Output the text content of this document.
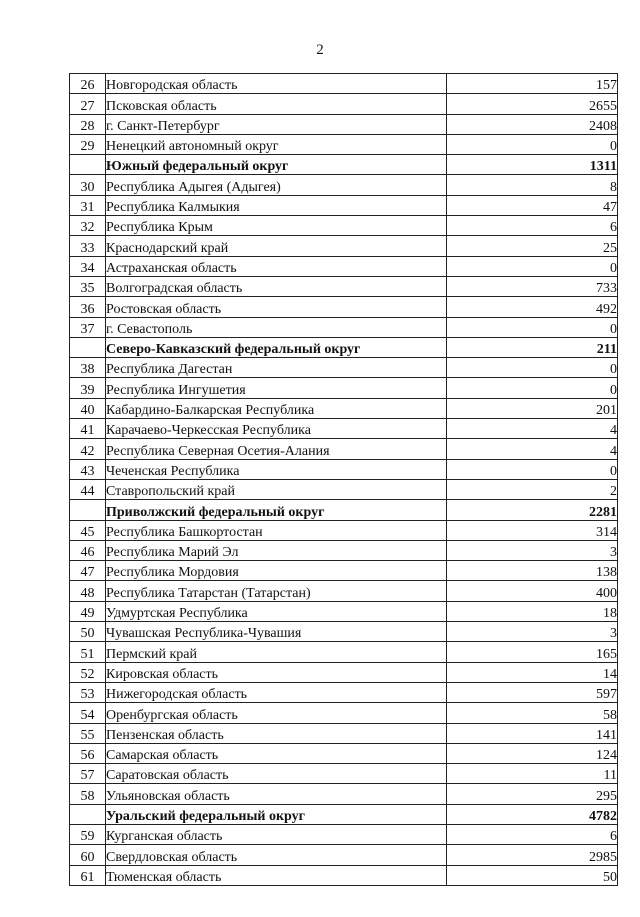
2
26	Новгородская область	157
27	Псковская область	2655
28	г. Санкт-Петербург	2408
29	Ненецкий автономный округ	0
	Южный федеральный округ	1311
30	Республика Адыгея (Адыгея)	8
31	Республика Калмыкия	47
32	Республика Крым	6
33	Краснодарский край	25
34	Астраханская область	0
35	Волгоградская область	733
36	Ростовская область	492
37	г. Севастополь	0
	Северо-Кавказский федеральный округ	211
38	Республика Дагестан	0
39	Республика Ингушетия	0
40	Кабардино-Балкарская Республика	201
41	Карачаево-Черкесская Республика	4
42	Республика Северная Осетия-Алания	4
43	Чеченская Республика	0
44	Ставропольский край	2
	Приволжский федеральный округ	2281
45	Республика Башкортостан	314
46	Республика Марий Эл	3
47	Республика Мордовия	138
48	Республика Татарстан (Татарстан)	400
49	Удмуртская Республика	18
50	Чувашская Республика-Чувашия	3
51	Пермский край	165
52	Кировская область	14
53	Нижегородская область	597
54	Оренбургская область	58
55	Пензенская область	141
56	Самарская область	124
57	Саратовская область	11
58	Ульяновская область	295
	Уральский федеральный округ	4782
59	Курганская область	6
60	Свердловская область	2985
61	Тюменская область	50
